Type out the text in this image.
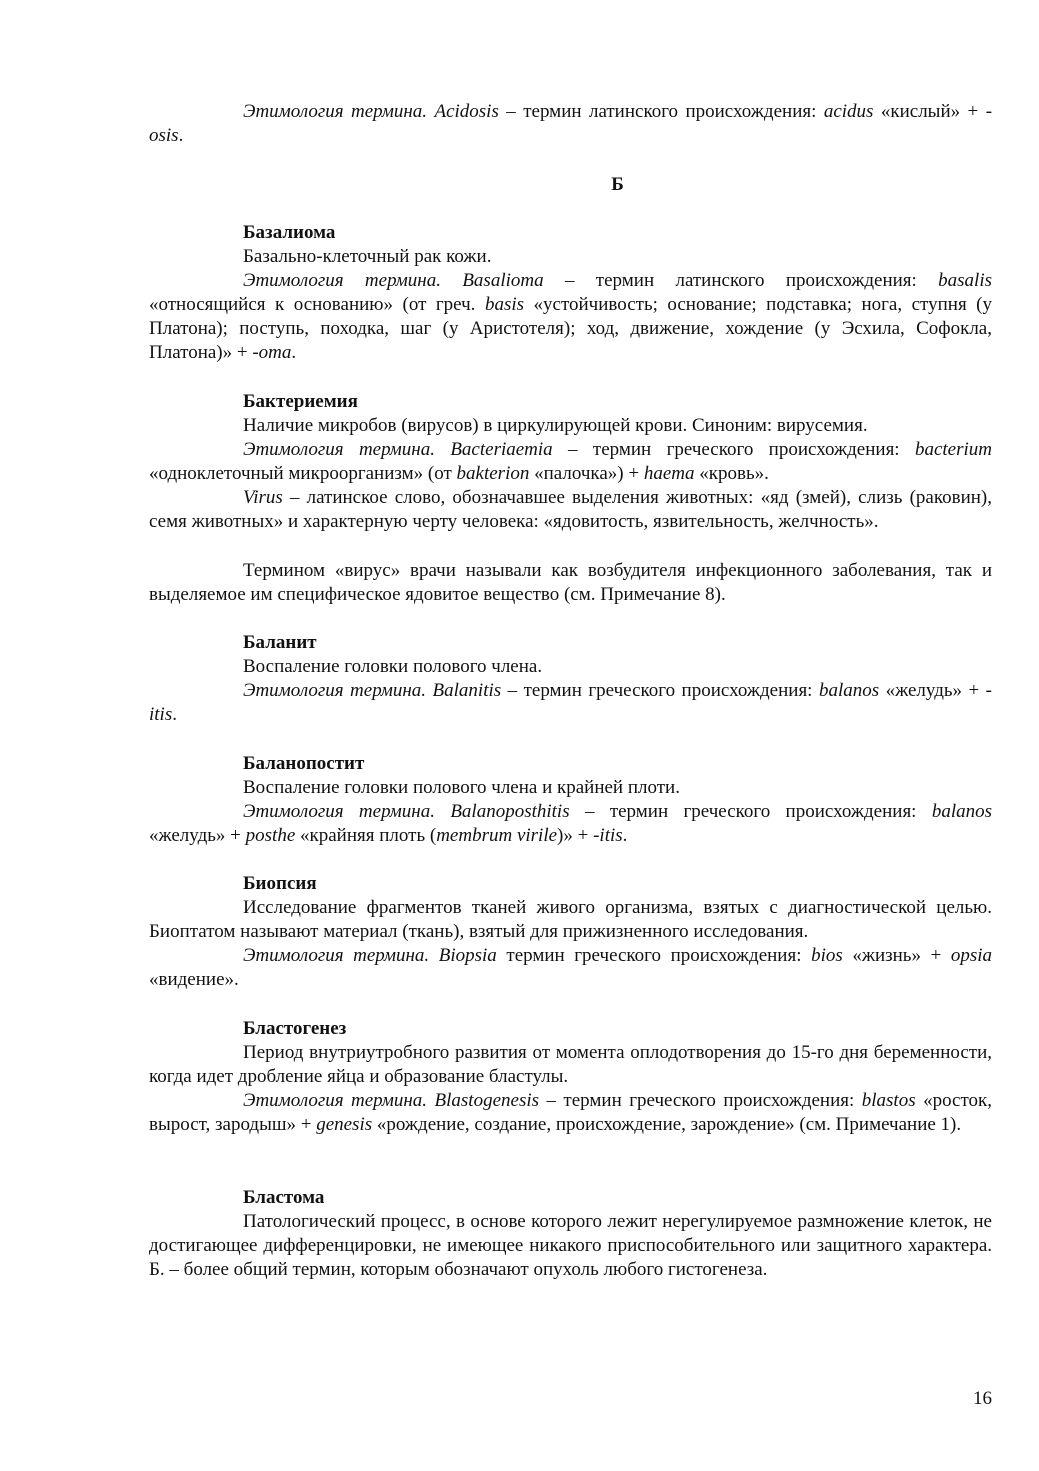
Этимология термина. Acidosis – термин латинского происхождения: acidus «кислый» + -osis.

Б

Базалиома

Базально-клеточный рак кожи.

Этимология термина. Basalioma – термин латинского происхождения: basalis «относящийся к основанию» (от греч. basis «устойчивость; основание; подставка; нога, ступня (у Платона); поступь, походка, шаг (у Аристотеля); ход, движение, хождение (у Эсхила, Софокла, Платона)» + -oma.

Бактериемия

Наличие микробов (вирусов) в циркулирующей крови. Синоним: вирусемия.

Этимология термина. Bacteriaemia – термин греческого происхождения: bacterium «одноклеточный микроорганизм» (от bakterion «палочка») + haema «кровь».

Virus – латинское слово, обозначавшее выделения животных: «яд (змей), слизь (раковин), семя животных» и характерную черту человека: «ядовитость, язвительность, желчность».

Термином «вирус» врачи называли как возбудителя инфекционного заболевания, так и выделяемое им специфическое ядовитое вещество (см. Примечание 8).

Баланит

Воспаление головки полового члена.

Этимология термина. Balanitis – термин греческого происхождения: balanos «желудь» + -itis.

Баланопостит

Воспаление головки полового члена и крайней плоти.

Этимология термина. Balanoposthitis – термин греческого происхождения: balanos «желудь» + posthe «крайняя плоть (membrum virile)» + -itis.

Биопсия

Исследование фрагментов тканей живого организма, взятых с диагностической целью. Биоптатом называют материал (ткань), взятый для прижизненного исследования.

Этимология термина. Biopsia термин греческого происхождения: bios «жизнь» + opsia «видение».

Бластогенез

Период внутриутробного развития от момента оплодотворения до 15-го дня беременности, когда идет дробление яйца и образование бластулы.

Этимология термина. Blastogenesis – термин греческого происхождения: blastos «росток, вырост, зародыш» + genesis «рождение, создание, происхождение, зарождение» (см. Примечание 1).

Бластома

Патологический процесс, в основе которого лежит нерегулируемое размножение клеток, не достигающее дифференцировки, не имеющее никакого приспособительного или защитного характера. Б. – более общий термин, которым обозначают опухоль любого гистогенеза.

16
